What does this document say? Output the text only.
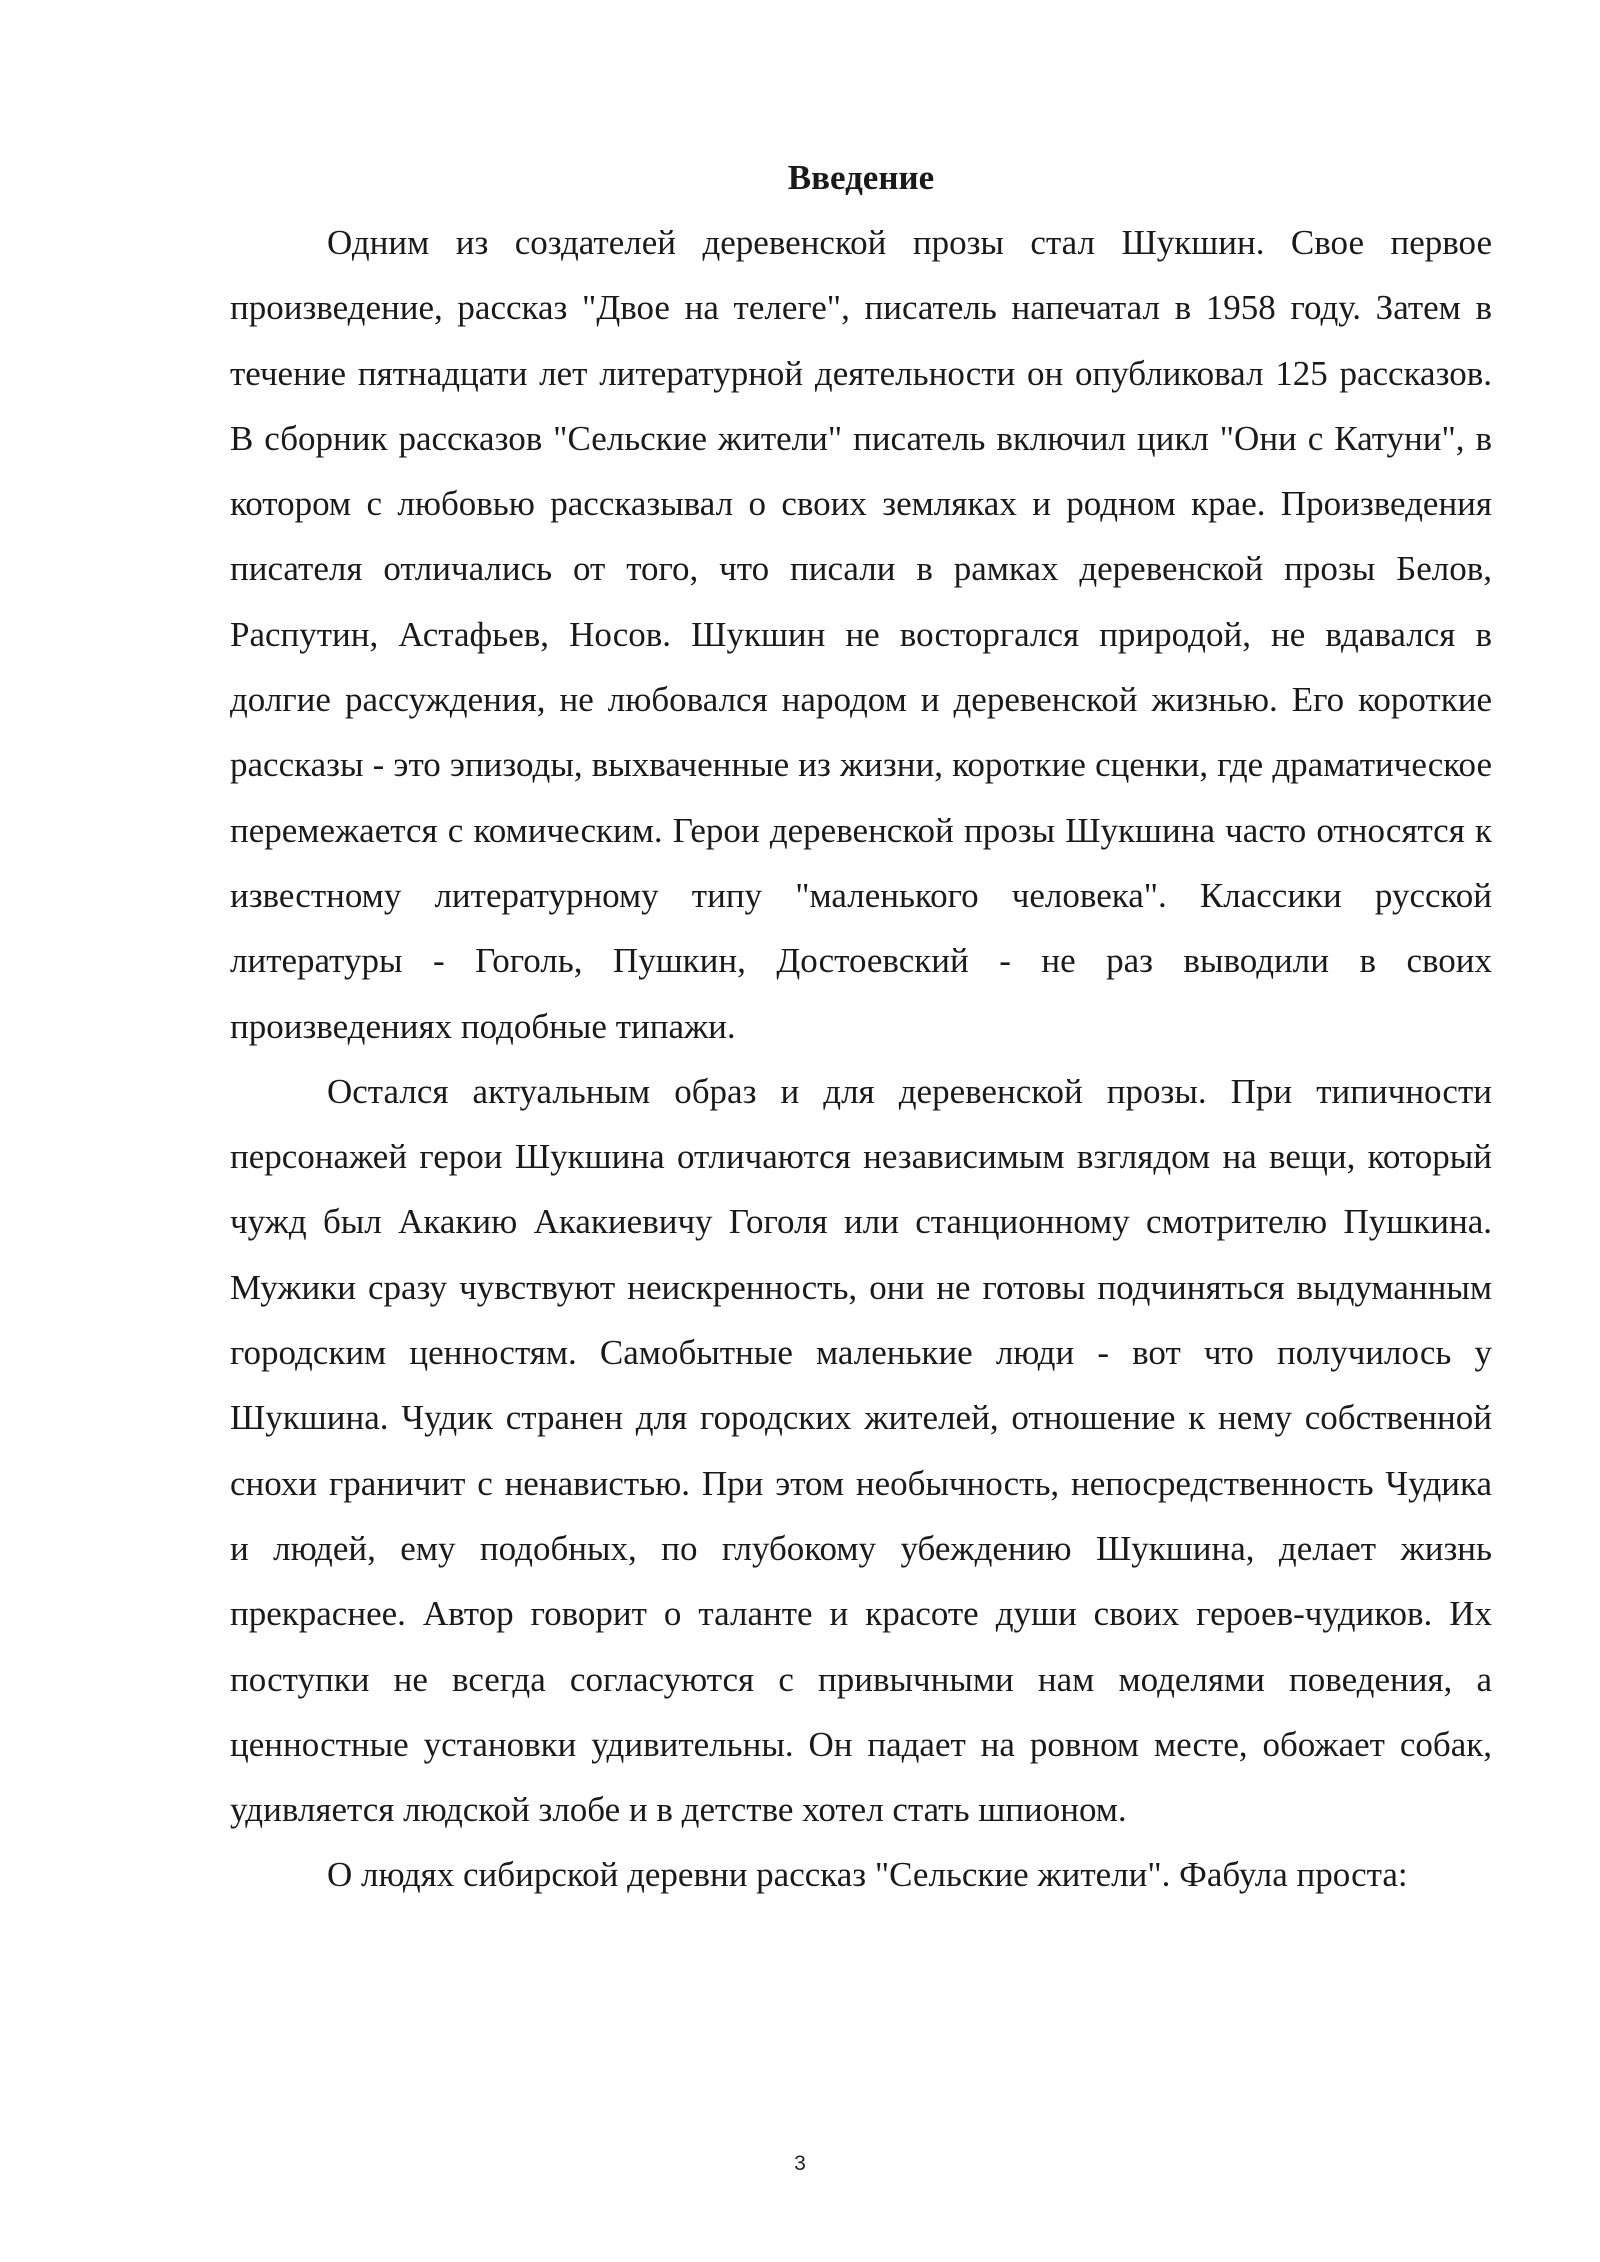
Введение

Одним из создателей деревенской прозы стал Шукшин. Свое первое произведение, рассказ "Двое на телеге", писатель напечатал в 1958 году. Затем в течение пятнадцати лет литературной деятельности он опубликовал 125 рассказов. В сборник рассказов "Сельские жители" писатель включил цикл "Они с Катуни", в котором с любовью рассказывал о своих земляках и родном крае. Произведения писателя отличались от того, что писали в рамках деревенской прозы Белов, Распутин, Астафьев, Носов. Шукшин не восторгался природой, не вдавался в долгие рассуждения, не любовался народом и деревенской жизнью. Его короткие рассказы - это эпизоды, выхваченные из жизни, короткие сценки, где драматическое перемежается с комическим. Герои деревенской прозы Шукшина часто относятся к известному литературному типу "маленького человека". Классики русской литературы - Гоголь, Пушкин, Достоевский - не раз выводили в своих произведениях подобные типажи.

Остался актуальным образ и для деревенской прозы. При типичности персонажей герои Шукшина отличаются независимым взглядом на вещи, который чужд был Акакию Акакиевичу Гоголя или станционному смотрителю Пушкина. Мужики сразу чувствуют неискренность, они не готовы подчиняться выдуманным городским ценностям. Самобытные маленькие люди - вот что получилось у Шукшина. Чудик странен для городских жителей, отношение к нему собственной снохи граничит с ненавистью. При этом необычность, непосредственность Чудика и людей, ему подобных, по глубокому убеждению Шукшина, делает жизнь прекраснее. Автор говорит о таланте и красоте души своих героев-чудиков. Их поступки не всегда согласуются с привычными нам моделями поведения, а ценностные установки удивительны. Он падает на ровном месте, обожает собак, удивляется людской злобе и в детстве хотел стать шпионом.

О людях сибирской деревни рассказ "Сельские жители". Фабула проста:

3
